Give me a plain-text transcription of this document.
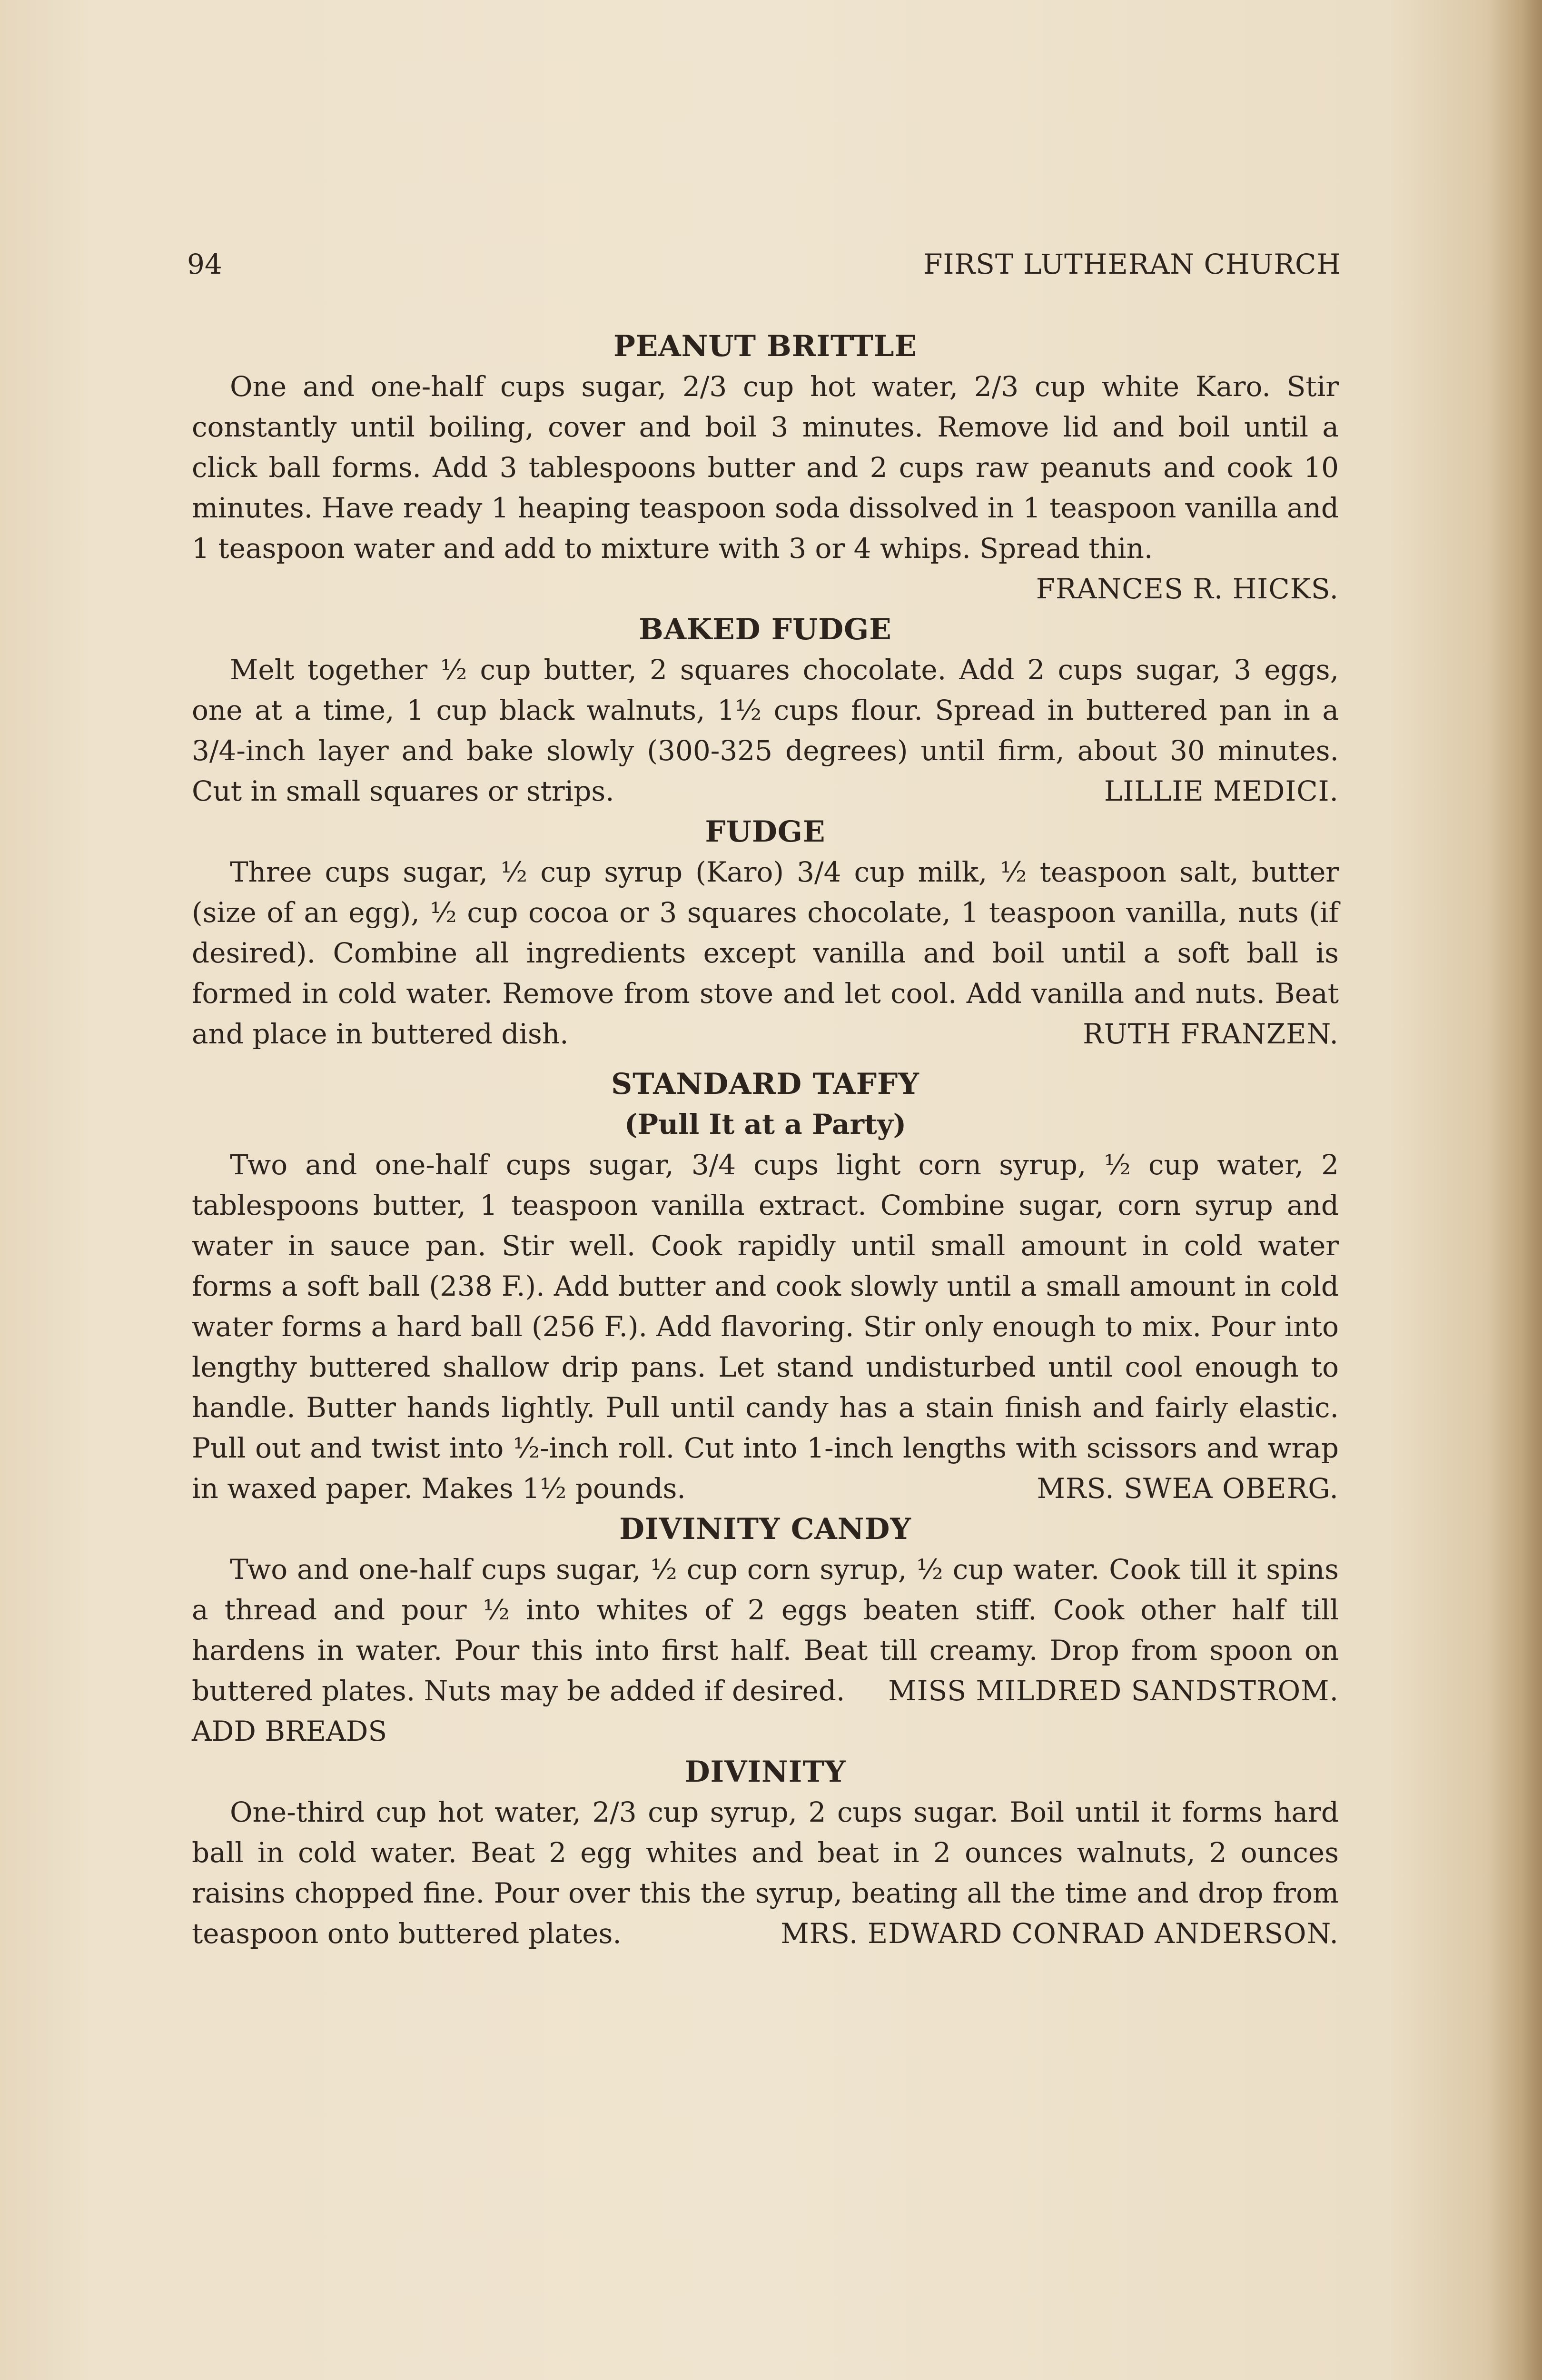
94	FIRST LUTHERAN CHURCH
PEANUT BRITTLE

One and one-half cups sugar, 2/3 cup hot water, 2/3 cup white Karo. Stir constantly until boiling, cover and boil 3 minutes. Remove lid and boil until a click ball forms. Add 3 tablespoons butter and 2 cups raw peanuts and cook 10 minutes. Have ready 1 heaping teaspoon soda dissolved in 1 teaspoon vanilla and 1 teaspoon water and add to mixture with 3 or 4 whips. Spread thin.
FRANCES R. HICKS.

BAKED FUDGE

Melt together ½ cup butter, 2 squares chocolate. Add 2 cups sugar, 3 eggs, one at a time, 1 cup black walnuts, 1½ cups flour. Spread in buttered pan in a 3/4-inch layer and bake slowly (300-325 degrees) until firm, about 30 minutes. Cut in small squares or strips.	LILLIE MEDICI.

FUDGE

Three cups sugar, ½ cup syrup (Karo) 3/4 cup milk, ½ teaspoon salt, butter (size of an egg), ½ cup cocoa or 3 squares chocolate, 1 teaspoon vanilla, nuts (if desired). Combine all ingredients except vanilla and boil until a soft ball is formed in cold water. Remove from stove and let cool. Add vanilla and nuts. Beat and place in buttered dish.	RUTH FRANZEN.

STANDARD TAFFY
(Pull It at a Party)

Two and one-half cups sugar, 3/4 cups light corn syrup, ½ cup water, 2 tablespoons butter, 1 teaspoon vanilla extract. Combine sugar, corn syrup and water in sauce pan. Stir well. Cook rapidly until small amount in cold water forms a soft ball (238 F.). Add butter and cook slowly until a small amount in cold water forms a hard ball (256 F.). Add flavoring. Stir only enough to mix. Pour into lengthy buttered shallow drip pans. Let stand undisturbed until cool enough to handle. Butter hands lightly. Pull until candy has a stain finish and fairly elastic. Pull out and twist into ½-inch roll. Cut into 1-inch lengths with scissors and wrap in waxed paper. Makes 1½ pounds.	MRS. SWEA OBERG.

DIVINITY CANDY

Two and one-half cups sugar, ½ cup corn syrup, ½ cup water. Cook till it spins a thread and pour ½ into whites of 2 eggs beaten stiff. Cook other half till hardens in water. Pour this into first half. Beat till creamy. Drop from spoon on buttered plates. Nuts may be added if desired. MISS MILDRED SANDSTROM.

ADD BREADS
DIVINITY

One-third cup hot water, 2/3 cup syrup, 2 cups sugar. Boil until it forms hard ball in cold water. Beat 2 egg whites and beat in 2 ounces walnuts, 2 ounces raisins chopped fine. Pour over this the syrup, beating all the time and drop from teaspoon onto buttered plates.	MRS. EDWARD CONRAD ANDERSON.
